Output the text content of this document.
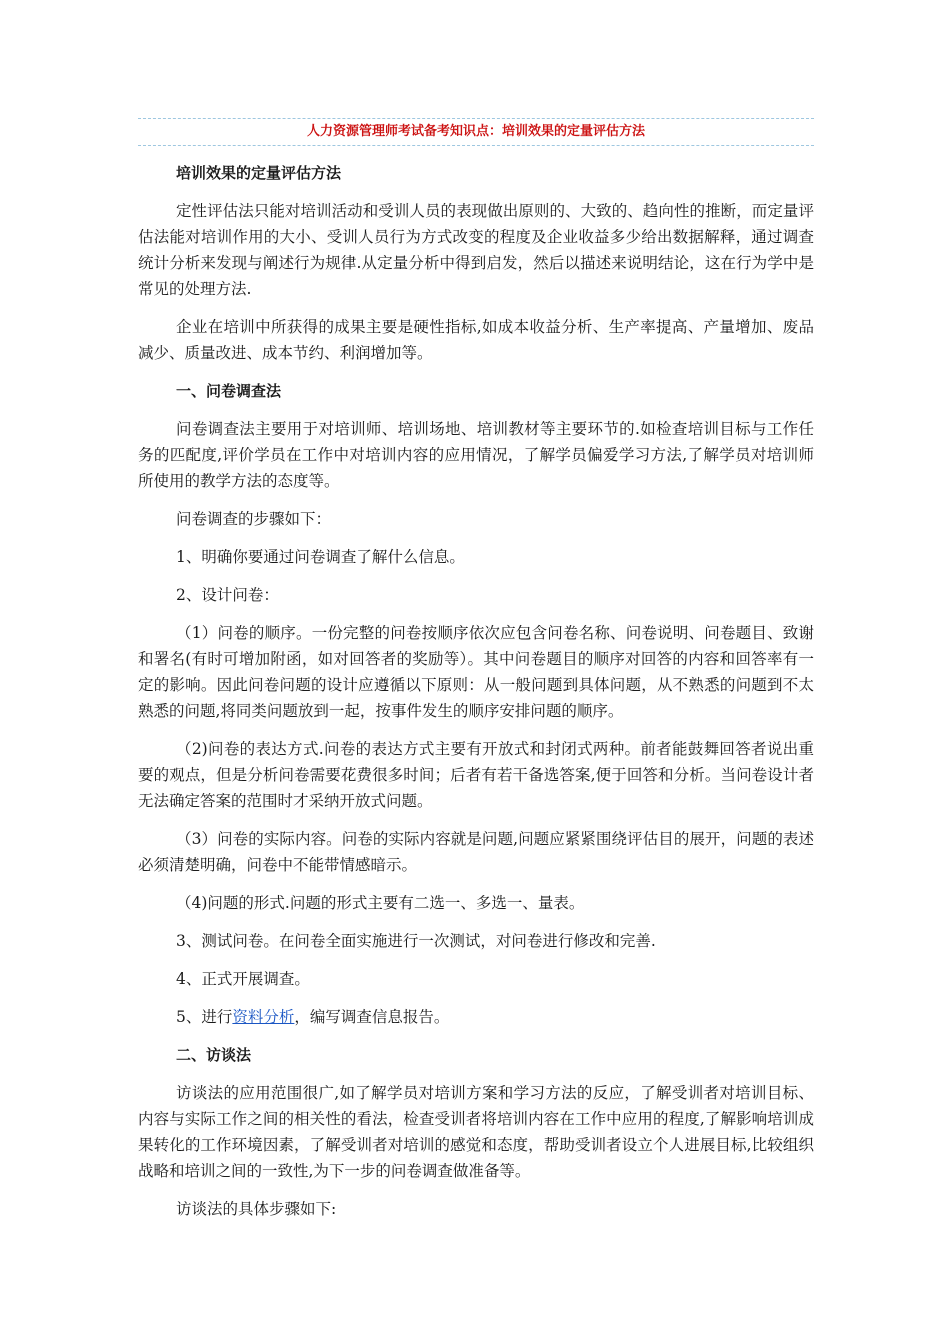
人力资源管理师考试备考知识点：培训效果的定量评估方法

培训效果的定量评估方法

定性评估法只能对培训活动和受训人员的表现做出原则的、大致的、趋向性的推断，而定量评估法能对培训作用的大小、受训人员行为方式改变的程度及企业收益多少给出数据解释，通过调查统计分析来发现与阐述行为规律.从定量分析中得到启发，然后以描述来说明结论，这在行为学中是常见的处理方法.

企业在培训中所获得的成果主要是硬性指标,如成本收益分析、生产率提高、产量增加、废品减少、质量改进、成本节约、利润增加等。

一、问卷调查法

问卷调查法主要用于对培训师、培训场地、培训教材等主要环节的.如检查培训目标与工作任务的匹配度,评价学员在工作中对培训内容的应用情况，了解学员偏爱学习方法,了解学员对培训师所使用的教学方法的态度等。

问卷调查的步骤如下：

1、明确你要通过问卷调查了解什么信息。

2、设计问卷：

（1）问卷的顺序。一份完整的问卷按顺序依次应包含问卷名称、问卷说明、问卷题目、致谢和署名(有时可增加附函，如对回答者的奖励等）。其中问卷题目的顺序对回答的内容和回答率有一定的影响。因此问卷问题的设计应遵循以下原则：从一般问题到具体问题，从不熟悉的问题到不太熟悉的问题,将同类问题放到一起，按事件发生的顺序安排问题的顺序。

（2)问卷的表达方式.问卷的表达方式主要有开放式和封闭式两种。前者能鼓舞回答者说出重要的观点，但是分析问卷需要花费很多时间；后者有若干备选答案,便于回答和分析。当问卷设计者无法确定答案的范围时才采纳开放式问题。

（3）问卷的实际内容。问卷的实际内容就是问题,问题应紧紧围绕评估目的展开，问题的表述必须清楚明确，问卷中不能带情感暗示。

（4)问题的形式.问题的形式主要有二选一、多选一、量表。

3、测试问卷。在问卷全面实施进行一次测试，对问卷进行修改和完善.

4、正式开展调查。

5、进行资料分析，编写调查信息报告。

二、访谈法

访谈法的应用范围很广,如了解学员对培训方案和学习方法的反应，了解受训者对培训目标、内容与实际工作之间的相关性的看法，检查受训者将培训内容在工作中应用的程度,了解影响培训成果转化的工作环境因素，了解受训者对培训的感觉和态度，帮助受训者设立个人进展目标,比较组织战略和培训之间的一致性,为下一步的问卷调查做准备等。

访谈法的具体步骤如下:
